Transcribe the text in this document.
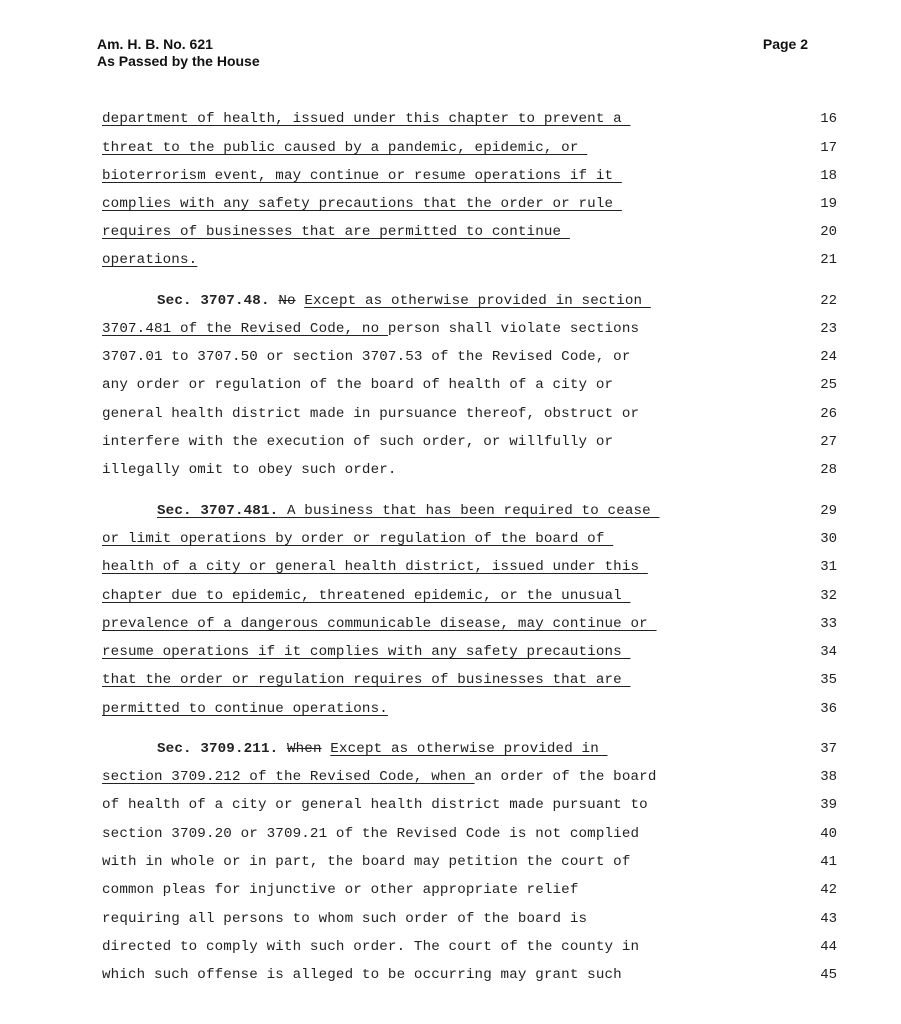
Am. H. B. No. 621
As Passed by the House
Page 2
department of health, issued under this chapter to prevent a	16
threat to the public caused by a pandemic, epidemic, or	17
bioterrorism event, may continue or resume operations if it	18
complies with any safety precautions that the order or rule	19
requires of businesses that are permitted to continue	20
operations.	21
Sec. 3707.48. No Except as otherwise provided in section	22
3707.481 of the Revised Code, no person shall violate sections	23
3707.01 to 3707.50 or section 3707.53 of the Revised Code, or	24
any order or regulation of the board of health of a city or	25
general health district made in pursuance thereof, obstruct or	26
interfere with the execution of such order, or willfully or	27
illegally omit to obey such order.	28
Sec. 3707.481. A business that has been required to cease	29
or limit operations by order or regulation of the board of	30
health of a city or general health district, issued under this	31
chapter due to epidemic, threatened epidemic, or the unusual	32
prevalence of a dangerous communicable disease, may continue or	33
resume operations if it complies with any safety precautions	34
that the order or regulation requires of businesses that are	35
permitted to continue operations.	36
Sec. 3709.211. When Except as otherwise provided in	37
section 3709.212 of the Revised Code, when an order of the board	38
of health of a city or general health district made pursuant to	39
section 3709.20 or 3709.21 of the Revised Code is not complied	40
with in whole or in part, the board may petition the court of	41
common pleas for injunctive or other appropriate relief	42
requiring all persons to whom such order of the board is	43
directed to comply with such order. The court of the county in	44
which such offense is alleged to be occurring may grant such	45
